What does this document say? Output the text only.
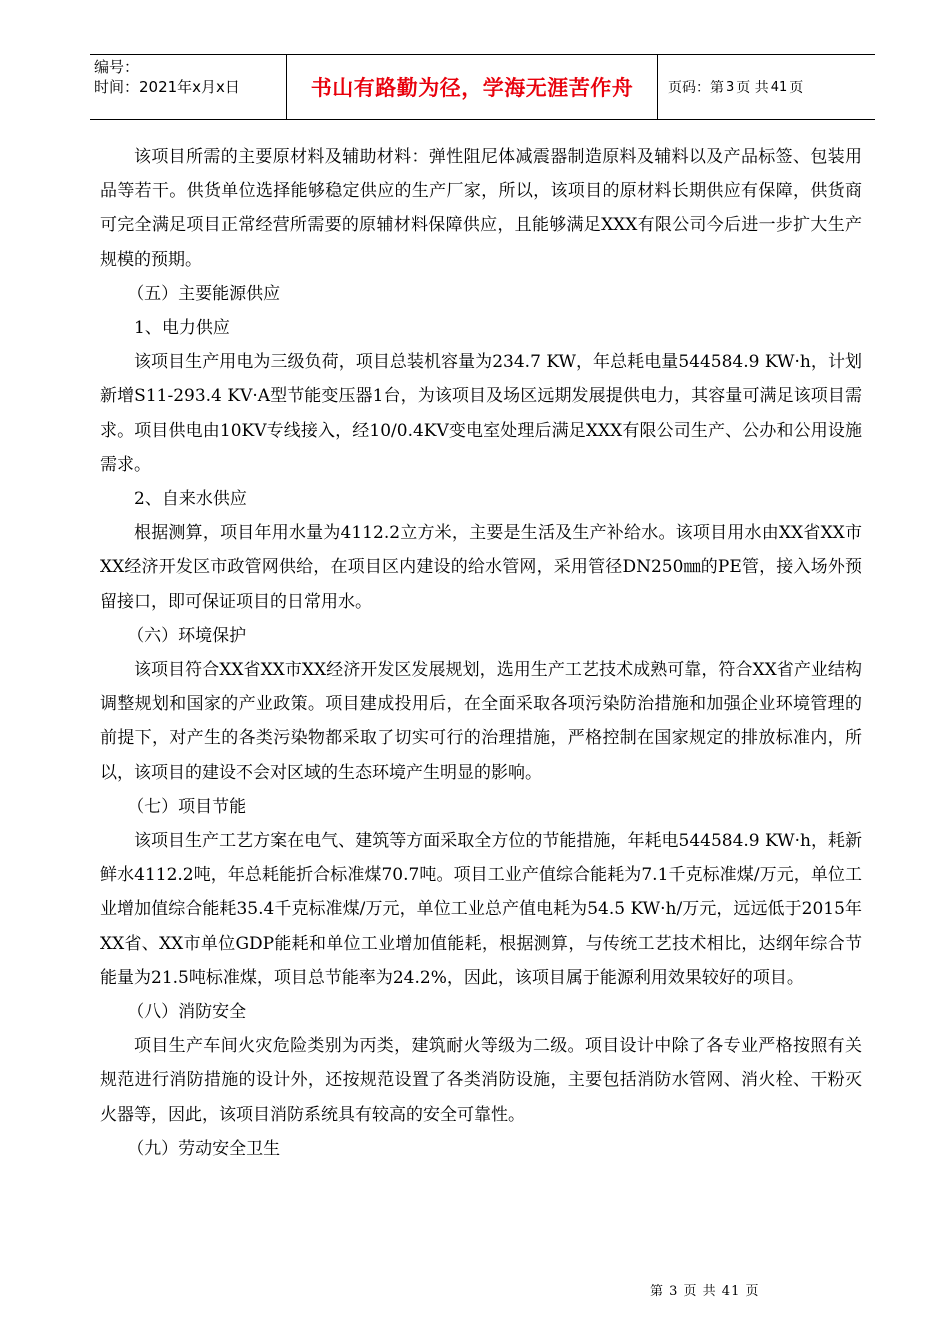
编号：
时间：2021年x月x日	书山有路勤为径，学海无涯苦作舟	页码：第 3 页 共 41 页

该项目所需的主要原材料及辅助材料：弹性阻尼体减震器制造原料及辅料以及产品标签、包装用品等若干。供货单位选择能够稳定供应的生产厂家，所以，该项目的原材料长期供应有保障，供货商可完全满足项目正常经营所需要的原辅材料保障供应，且能够满足XXX有限公司今后进一步扩大生产规模的预期。

（五）主要能源供应

1、电力供应

该项目生产用电为三级负荷，项目总装机容量为234.7 KW，年总耗电量544584.9 KW·h，计划新增S11-293.4 KV·A型节能变压器1台，为该项目及场区远期发展提供电力，其容量可满足该项目需求。项目供电由10KV专线接入，经10/0.4KV变电室处理后满足XXX有限公司生产、公办和公用设施需求。

2、自来水供应

根据测算，项目年用水量为4112.2立方米，主要是生活及生产补给水。该项目用水由XX省XX市XX经济开发区市政管网供给，在项目区内建设的给水管网，采用管径DN250㎜的PE管，接入场外预留接口，即可保证项目的日常用水。

（六）环境保护

该项目符合XX省XX市XX经济开发区发展规划，选用生产工艺技术成熟可靠，符合XX省产业结构调整规划和国家的产业政策。项目建成投用后，在全面采取各项污染防治措施和加强企业环境管理的前提下，对产生的各类污染物都采取了切实可行的治理措施，严格控制在国家规定的排放标准内，所以，该项目的建设不会对区域的生态环境产生明显的影响。

（七）项目节能

该项目生产工艺方案在电气、建筑等方面采取全方位的节能措施，年耗电544584.9 KW·h，耗新鲜水4112.2吨，年总耗能折合标准煤70.7吨。项目工业产值综合能耗为7.1千克标准煤/万元，单位工业增加值综合能耗35.4千克标准煤/万元，单位工业总产值电耗为54.5 KW·h/万元，远远低于2015年XX省、XX市单位GDP能耗和单位工业增加值能耗，根据测算，与传统工艺技术相比，达纲年综合节能量为21.5吨标准煤，项目总节能率为24.2%，因此，该项目属于能源利用效果较好的项目。

（八）消防安全

项目生产车间火灾危险类别为丙类，建筑耐火等级为二级。项目设计中除了各专业严格按照有关规范进行消防措施的设计外，还按规范设置了各类消防设施，主要包括消防水管网、消火栓、干粉灭火器等，因此，该项目消防系统具有较高的安全可靠性。

（九）劳动安全卫生

第 3 页 共 41 页
